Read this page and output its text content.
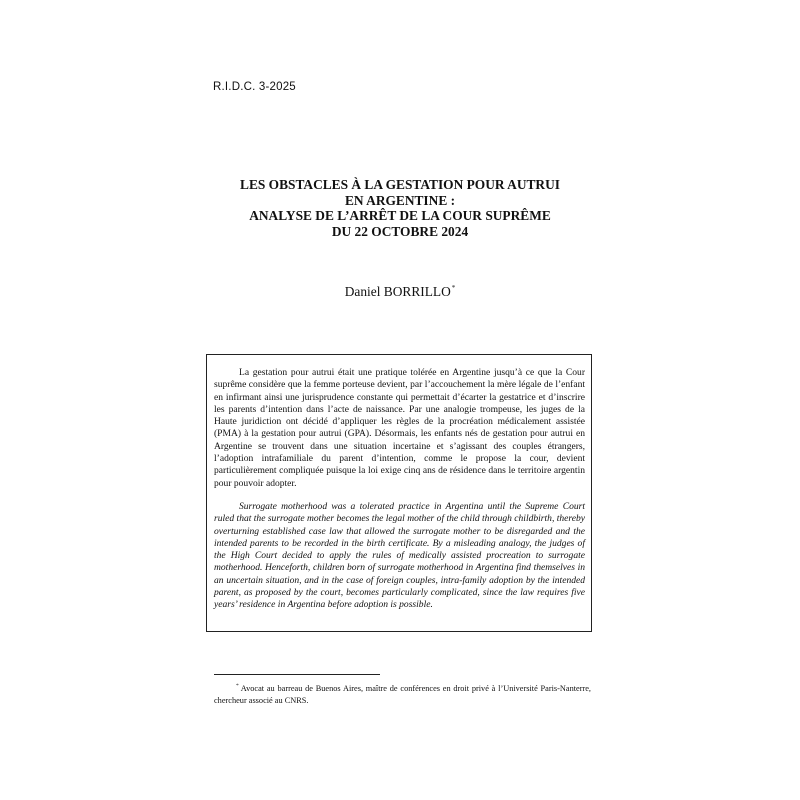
R.I.D.C. 3-2025
LES OBSTACLES À LA GESTATION POUR AUTRUI
EN ARGENTINE :
ANALYSE DE L’ARRÊT DE LA COUR SUPRÊME
DU 22 OCTOBRE 2024
Daniel BORRILLO*

La gestation pour autrui était une pratique tolérée en Argentine jusqu’à ce que la Cour suprême considère que la femme porteuse devient, par l’accouchement la mère légale de l’enfant en infirmant ainsi une jurisprudence constante qui permettait d’écarter la gestatrice et d’inscrire les parents d’intention dans l’acte de naissance. Par une analogie trompeuse, les juges de la Haute juridiction ont décidé d’appliquer les règles de la procréation médicalement assistée (PMA) à la gestation pour autrui (GPA). Désormais, les enfants nés de gestation pour autrui en Argentine se trouvent dans une situation incertaine et s’agissant des couples étrangers, l’adoption intrafamiliale du parent d’intention, comme le propose la cour, devient particulièrement compliquée puisque la loi exige cinq ans de résidence dans le territoire argentin pour pouvoir adopter.

Surrogate motherhood was a tolerated practice in Argentina until the Supreme Court ruled that the surrogate mother becomes the legal mother of the child through childbirth, thereby overturning established case law that allowed the surrogate mother to be disregarded and the intended parents to be recorded in the birth certificate. By a misleading analogy, the judges of the High Court decided to apply the rules of medically assisted procreation to surrogate motherhood. Henceforth, children born of surrogate motherhood in Argentina find themselves in an uncertain situation, and in the case of foreign couples, intra-family adoption by the intended parent, as proposed by the court, becomes particularly complicated, since the law requires five years’ residence in Argentina before adoption is possible.

* Avocat au barreau de Buenos Aires, maître de conférences en droit privé à l’Université Paris-Nanterre, chercheur associé au CNRS.
